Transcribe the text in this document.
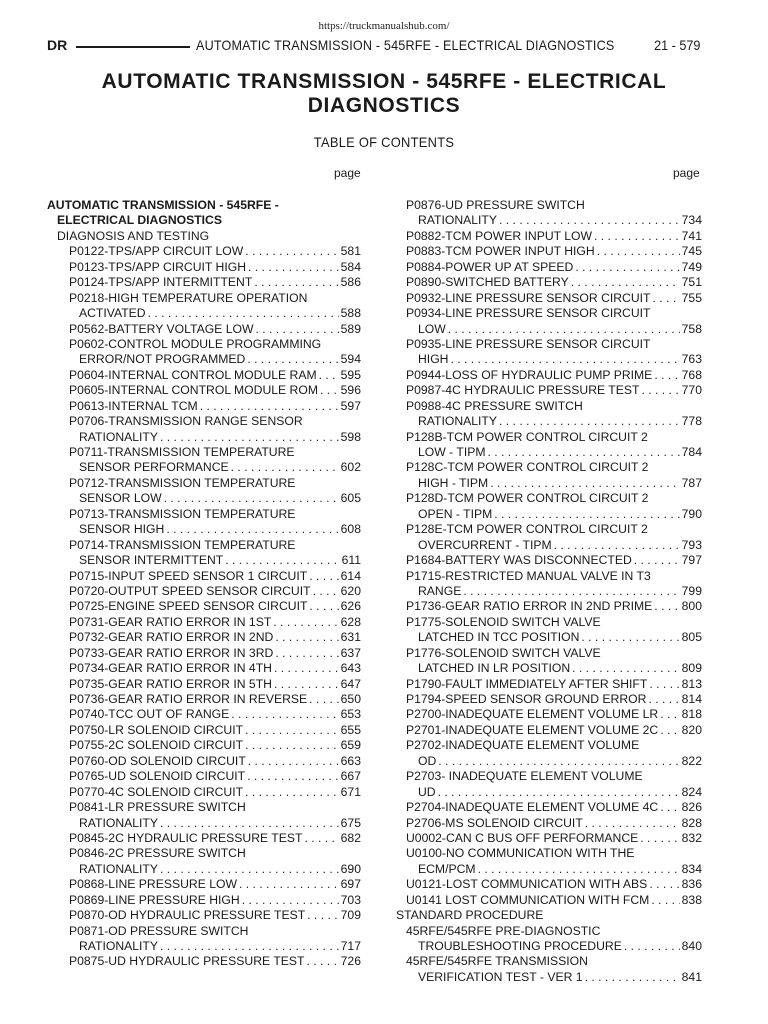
https://truckmanualshub.com/
DR	AUTOMATIC TRANSMISSION - 545RFE - ELECTRICAL DIAGNOSTICS	21 - 579
AUTOMATIC TRANSMISSION - 545RFE - ELECTRICAL
DIAGNOSTICS
TABLE OF CONTENTS
page	page
AUTOMATIC TRANSMISSION - 545RFE -
ELECTRICAL DIAGNOSTICS
DIAGNOSIS AND TESTING
P0122-TPS/APP CIRCUIT LOW . . .	581
P0123-TPS/APP CIRCUIT HIGH . . .	584
P0124-TPS/APP INTERMITTENT . . .	586
P0218-HIGH TEMPERATURE OPERATION
ACTIVATED . . .	588
P0562-BATTERY VOLTAGE LOW . . .	589
P0602-CONTROL MODULE PROGRAMMING
ERROR/NOT PROGRAMMED . . .	594
P0604-INTERNAL CONTROL MODULE RAM . . . 595
P0605-INTERNAL CONTROL MODULE ROM . . . 596
P0613-INTERNAL TCM . . .	597
P0706-TRANSMISSION RANGE SENSOR
RATIONALITY . . .	598
P0711-TRANSMISSION TEMPERATURE
SENSOR PERFORMANCE . . .	602
P0712-TRANSMISSION TEMPERATURE
SENSOR LOW . . .	605
P0713-TRANSMISSION TEMPERATURE
SENSOR HIGH . . .	608
P0714-TRANSMISSION TEMPERATURE
SENSOR INTERMITTENT . . .	611
P0715-INPUT SPEED SENSOR 1 CIRCUIT . . .	614
P0720-OUTPUT SPEED SENSOR CIRCUIT . . . 620
P0725-ENGINE SPEED SENSOR CIRCUIT . . .	626
P0731-GEAR RATIO ERROR IN 1ST . . .	628
P0732-GEAR RATIO ERROR IN 2ND . . .	631
P0733-GEAR RATIO ERROR IN 3RD . . .	637
P0734-GEAR RATIO ERROR IN 4TH . . .	643
P0735-GEAR RATIO ERROR IN 5TH . . .	647
P0736-GEAR RATIO ERROR IN REVERSE . . .	650
P0740-TCC OUT OF RANGE . . .	653
P0750-LR SOLENOID CIRCUIT . . .	655
P0755-2C SOLENOID CIRCUIT . . .	659
P0760-OD SOLENOID CIRCUIT . . .	663
P0765-UD SOLENOID CIRCUIT . . .	667
P0770-4C SOLENOID CIRCUIT . . .	671
P0841-LR PRESSURE SWITCH
RATIONALITY . . .	675
P0845-2C HYDRAULIC PRESSURE TEST . . .	682
P0846-2C PRESSURE SWITCH
RATIONALITY . . .	690
P0868-LINE PRESSURE LOW . . .	697
P0869-LINE PRESSURE HIGH . . .	703
P0870-OD HYDRAULIC PRESSURE TEST . . .	709
P0871-OD PRESSURE SWITCH
RATIONALITY . . .	717
P0875-UD HYDRAULIC PRESSURE TEST . . .	726
P0876-UD PRESSURE SWITCH
RATIONALITY . . .	734
P0882-TCM POWER INPUT LOW . . .	741
P0883-TCM POWER INPUT HIGH . . .	745
P0884-POWER UP AT SPEED . . .	749
P0890-SWITCHED BATTERY . . .	751
P0932-LINE PRESSURE SENSOR CIRCUIT . . .	755
P0934-LINE PRESSURE SENSOR CIRCUIT
LOW . . .	758
P0935-LINE PRESSURE SENSOR CIRCUIT
HIGH . . .	763
P0944-LOSS OF HYDRAULIC PUMP PRIME . . . 768
P0987-4C HYDRAULIC PRESSURE TEST . . .	770
P0988-4C PRESSURE SWITCH
RATIONALITY . . .	778
P128B-TCM POWER CONTROL CIRCUIT 2
LOW - TIPM . . .	784
P128C-TCM POWER CONTROL CIRCUIT 2
HIGH - TIPM . . .	787
P128D-TCM POWER CONTROL CIRCUIT 2
OPEN - TIPM . . .	790
P128E-TCM POWER CONTROL CIRCUIT 2
OVERCURRENT - TIPM . . .	793
P1684-BATTERY WAS DISCONNECTED . . .	797
P1715-RESTRICTED MANUAL VALVE IN T3
RANGE . . .	799
P1736-GEAR RATIO ERROR IN 2ND PRIME . . . 800
P1775-SOLENOID SWITCH VALVE
LATCHED IN TCC POSITION . . .	805
P1776-SOLENOID SWITCH VALVE
LATCHED IN LR POSITION . . .	809
P1790-FAULT IMMEDIATELY AFTER SHIFT . . .	813
P1794-SPEED SENSOR GROUND ERROR . . .	814
P2700-INADEQUATE ELEMENT VOLUME LR . . . 818
P2701-INADEQUATE ELEMENT VOLUME 2C . . . 820
P2702-INADEQUATE ELEMENT VOLUME
OD . . .	822
P2703- INADEQUATE ELEMENT VOLUME
UD . . .	824
P2704-INADEQUATE ELEMENT VOLUME 4C . . . 826
P2706-MS SOLENOID CIRCUIT . . .	828
U0002-CAN C BUS OFF PERFORMANCE . . .	832
U0100-NO COMMUNICATION WITH THE
ECM/PCM . . .	834
U0121-LOST COMMUNICATION WITH ABS . . .	836
U0141 LOST COMMUNICATION WITH FCM . . .	838
STANDARD PROCEDURE
45RFE/545RFE PRE-DIAGNOSTIC
TROUBLESHOOTING PROCEDURE . . .	840
45RFE/545RFE TRANSMISSION
VERIFICATION TEST - VER 1 . . .	841
